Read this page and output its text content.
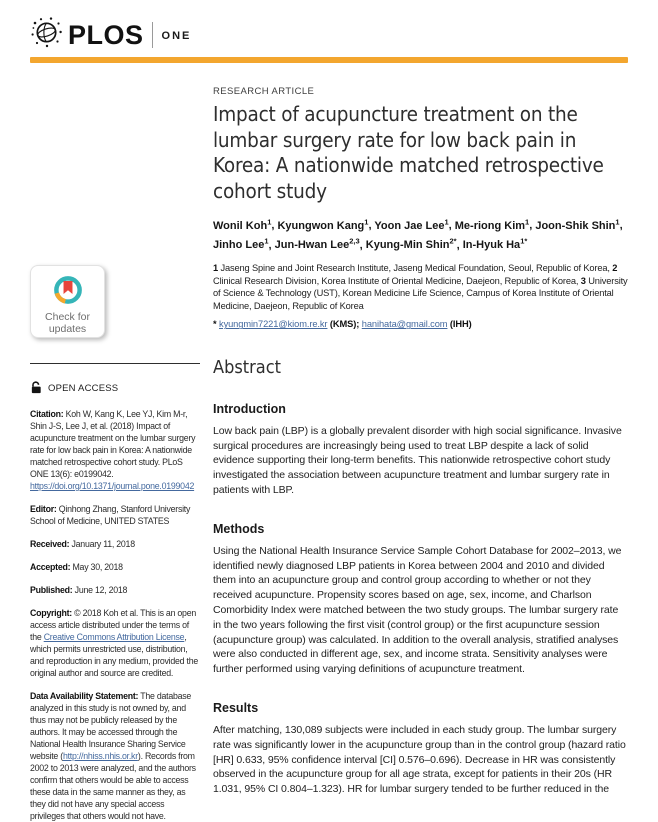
PLOS ONE
Check for
updates
OPEN ACCESS

Citation: Koh W, Kang K, Lee YJ, Kim M-r, Shin J-S, Lee J, et al. (2018) Impact of acupuncture treatment on the lumbar surgery rate for low back pain in Korea: A nationwide matched retrospective cohort study. PLoS ONE 13(6): e0199042. https://doi.org/10.1371/journal.pone.0199042

Editor: Qinhong Zhang, Stanford University School of Medicine, UNITED STATES

Received: January 11, 2018

Accepted: May 30, 2018

Published: June 12, 2018

Copyright: © 2018 Koh et al. This is an open access article distributed under the terms of the Creative Commons Attribution License, which permits unrestricted use, distribution, and reproduction in any medium, provided the original author and source are credited.

Data Availability Statement: The database analyzed in this study is not owned by, and thus may not be publicly released by the authors. It may be accessed through the National Health Insurance Sharing Service website (http://nhiss.nhis.or.kr). Records from 2002 to 2013 were analyzed, and the authors confirm that others would be able to access these data in the same manner as they, as they did not have any special access privileges that others would not have.

RESEARCH ARTICLE
Impact of acupuncture treatment on the lumbar surgery rate for low back pain in Korea: A nationwide matched retrospective cohort study

Wonil Koh$^1$, Kyungwon Kang$^1$, Yoon Jae Lee$^1$, Me-riong Kim$^1$, Joon-Shik Shin$^1$, Jinho Lee$^1$, Jun-Hwan Lee$^{2,3}$, Kyung-Min Shin$^{2*}$, In-Hyuk $Ha^{1*}$

1 Jaseng Spine and Joint Research Institute, Jaseng Medical Foundation, Seoul, Republic of Korea, 2 Clinical Research Division, Korea Institute of Oriental Medicine, Daejeon, Republic of Korea, 3 University of Science & Technology (UST), Korean Medicine Life Science, Campus of Korea Institute of Oriental Medicine, Daejeon, Republic of Korea

* kyungmin7221@kiom.re.kr (KMS); hanihata@gmail.com (IHH)

Abstract
Introduction

Low back pain (LBP) is a globally prevalent disorder with high social significance. Invasive surgical procedures are increasingly being used to treat LBP despite a lack of solid evidence supporting their long-term benefits. This nationwide retrospective cohort study investigated the association between acupuncture treatment and lumbar surgery rate in patients with LBP.

Methods

Using the National Health Insurance Service Sample Cohort Database for 2002–2013, we identified newly diagnosed LBP patients in Korea between 2004 and 2010 and divided them into an acupuncture group and control group according to whether or not they received acupuncture. Propensity scores based on age, sex, income, and Charlson Comorbidity Index were matched between the two study groups. The lumbar surgery rate in the two years following the first visit (control group) or the first acupuncture session (acupuncture group) was calculated. In addition to the overall analysis, stratified analyses were also conducted in different age, sex, and income strata. Sensitivity analyses were further performed using varying definitions of acupuncture treatment.

Results

After matching, 130,089 subjects were included in each study group. The lumbar surgery rate was significantly lower in the acupuncture group than in the control group (hazard ratio [HR] 0.633, 95% confidence interval [CI] 0.576–0.696). Decrease in HR was consistently observed in the acupuncture group for all age strata, except for patients in their 20s (HR 1.031, 95% CI 0.804–1.323). HR for lumbar surgery tended to be further reduced in the
